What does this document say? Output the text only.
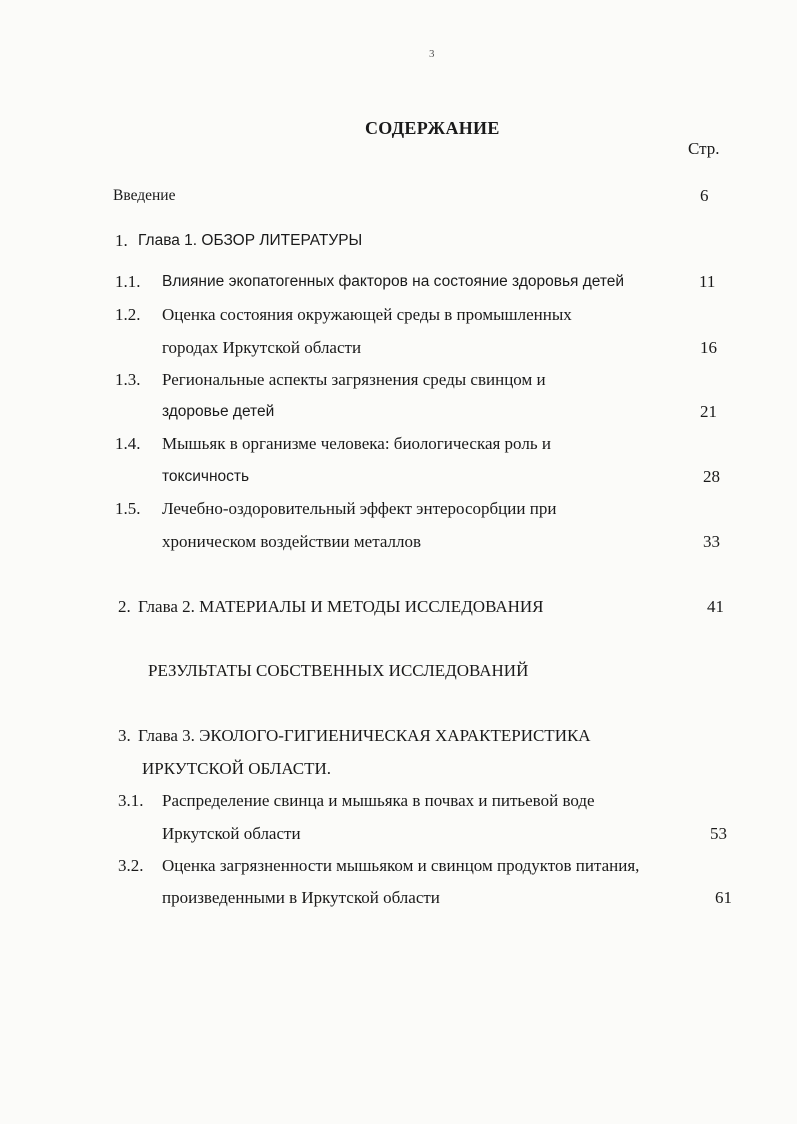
3
СОДЕРЖАНИЕ
Стр.
Введение	6
1. Глава 1. ОБЗОР ЛИТЕРАТУРЫ
1.1. Влияние экопатогенных факторов на состояние здоровья детей	11
1.2. Оценка состояния окружающей среды в промышленных
городах Иркутской области	16
1.3. Региональные аспекты загрязнения среды свинцом и
здоровье детей	21
1.4. Мышьяк в организме человека: биологическая роль и
токсичность	28
1.5. Лечебно-оздоровительный эффект энтеросорбции при
хроническом воздействии металлов	33
2. Глава 2. МАТЕРИАЛЫ И МЕТОДЫ ИССЛЕДОВАНИЯ	41
РЕЗУЛЬТАТЫ СОБСТВЕННЫХ ИССЛЕДОВАНИЙ
3. Глава 3. ЭКОЛОГО-ГИГИЕНИЧЕСКАЯ ХАРАКТЕРИСТИКА
ИРКУТСКОЙ ОБЛАСТИ.
3.1. Распределение свинца и мышьяка в почвах и питьевой воде
Иркутской области	53
3.2. Оценка загрязненности мышьяком и свинцом продуктов питания,
произведенными в Иркутской области	61
